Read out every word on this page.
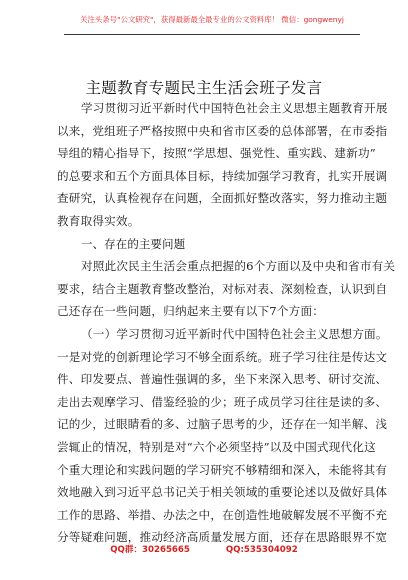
关注头条号"公文研究"，获得最新最全最专业的公文资料库！ 微信：gongwenyj
主题教育专题民主生活会班子发言
学习贯彻习近平新时代中国特色社会主义思想主题教育开展
以来，党组班子严格按照中央和省市区委的总体部署，在市委指
导组的精心指导下，按照“学思想、强党性、重实践、建新功”
的总要求和五个方面具体目标，持续加强学习教育，扎实开展调
查研究，认真检视存在问题，全面抓好整改落实，努力推动主题
教育取得实效。
一、存在的主要问题
对照此次民主生活会重点把握的6个方面以及中央和省市有关
要求，结合主题教育整改整治，对标对表、深刻检查，认识到自
己还存在一些问题，归纳起来主要有以下7个方面：
（一）学习贯彻习近平新时代中国特色社会主义思想方面。
一是对党的创新理论学习不够全面系统。班子学习往往是传达文
件、印发要点、普遍性强调的多，坐下来深入思考、研讨交流、
走出去观摩学习、借鉴经验的少；班子成员学习往往是读的多、
记的少，过眼睛看的多、过脑子思考的少，还存在一知半解、浅
尝辄止的情况，特别是对“六个必须坚持”以及中国式现代化这
个重大理论和实践问题的学习研究不够精细和深入，未能将其有
效地融入到习近平总书记关于相关领域的重要论述以及做好具体
工作的思路、举措、办法之中，在创造性地破解发展不平衡不充
分等疑难问题，推动经济高质量发展方面，还存在思路眼界不宽
QQ群：30265665	QQ:535304092
